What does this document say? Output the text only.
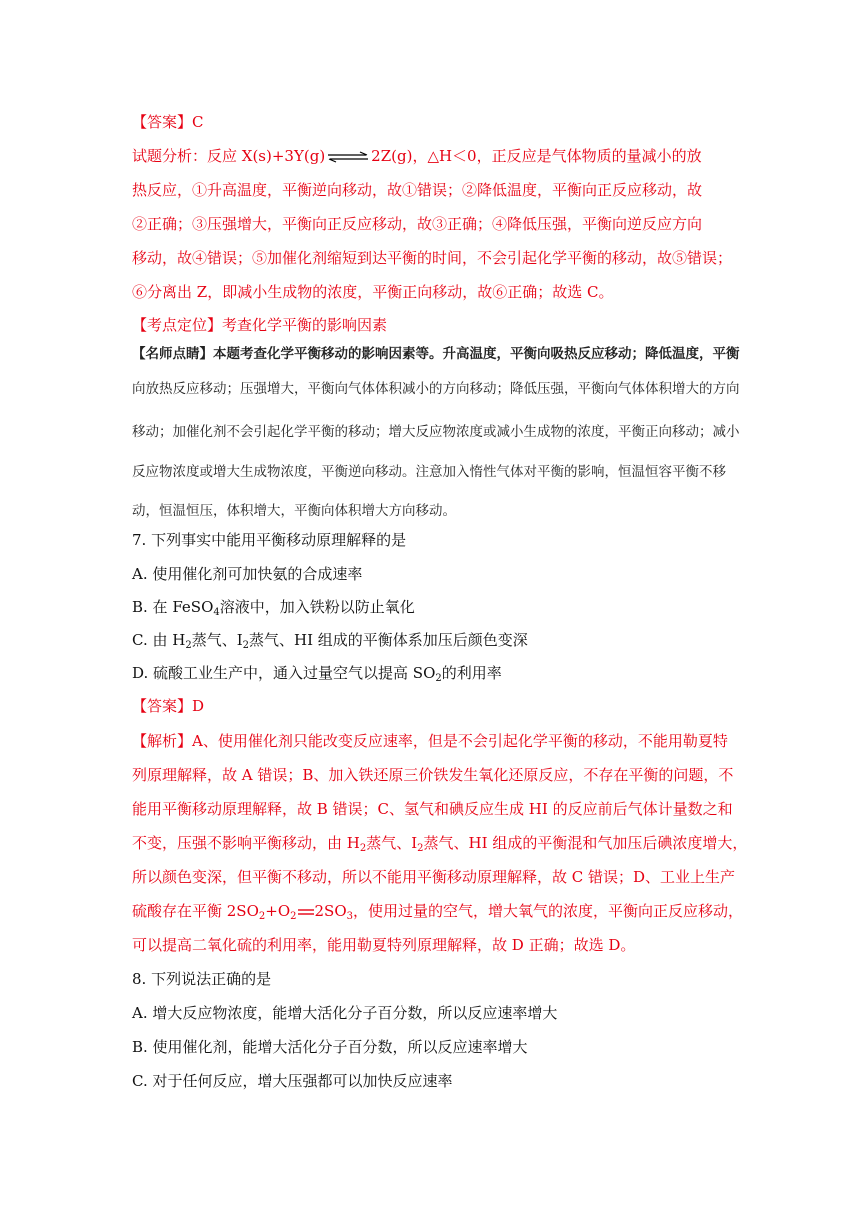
【答案】C
试题分析：反应 X(s)+3Y(g)⇌2Z(g)，△H＜0，正反应是气体物质的量减小的放
热反应，①升高温度，平衡逆向移动，故①错误；②降低温度，平衡向正反应移动，故
②正确；③压强增大，平衡向正反应移动，故③正确；④降低压强，平衡向逆反应方向
移动，故④错误；⑤加催化剂缩短到达平衡的时间，不会引起化学平衡的移动，故⑤错误；
⑥分离出 Z，即减小生成物的浓度，平衡正向移动，故⑥正确；故选 C。
【考点定位】考查化学平衡的影响因素
【名师点睛】本题考查化学平衡移动的影响因素等。升高温度，平衡向吸热反应移动；降低温度，平衡
向放热反应移动；压强增大，平衡向气体体积减小的方向移动；降低压强，平衡向气体体积增大的方向
移动；加催化剂不会引起化学平衡的移动；增大反应物浓度或减小生成物的浓度，平衡正向移动；减小
反应物浓度或增大生成物浓度，平衡逆向移动。注意加入惰性气体对平衡的影响，恒温恒容平衡不移
动，恒温恒压，体积增大，平衡向体积增大方向移动。
7. 下列事实中能用平衡移动原理解释的是
A. 使用催化剂可加快氨的合成速率
B. 在 FeSO$_4$溶液中，加入铁粉以防止氧化
C. 由 $H_2$蒸气、$I_2$蒸气、HI 组成的平衡体系加压后颜色变深
D. 硫酸工业生产中，通入过量空气以提高 $SO_2$的利用率
【答案】D
【解析】A、使用催化剂只能改变反应速率，但是不会引起化学平衡的移动，不能用勒夏特
列原理解释，故 A 错误；B、加入铁还原三价铁发生氧化还原反应，不存在平衡的问题，不
能用平衡移动原理解释，故 B 错误；C、氢气和碘反应生成 HI 的反应前后气体计量数之和
不变，压强不影响平衡移动，由 $H_2$蒸气、$I_2$蒸气、HI 组成的平衡混和气加压后碘浓度增大，
所以颜色变深，但平衡不移动，所以不能用平衡移动原理解释，故 C 错误；D、工业上生产
硫酸存在平衡 $2SO_2+O_2$ $2SO_3$，使用过量的空气，增大氧气的浓度，平衡向正反应移动，
可以提高二氧化硫的利用率，能用勒夏特列原理解释，故 D 正确；故选 D。
8. 下列说法正确的是
A. 增大反应物浓度，能增大活化分子百分数，所以反应速率增大
B. 使用催化剂，能增大活化分子百分数，所以反应速率增大
C. 对于任何反应，增大压强都可以加快反应速率
